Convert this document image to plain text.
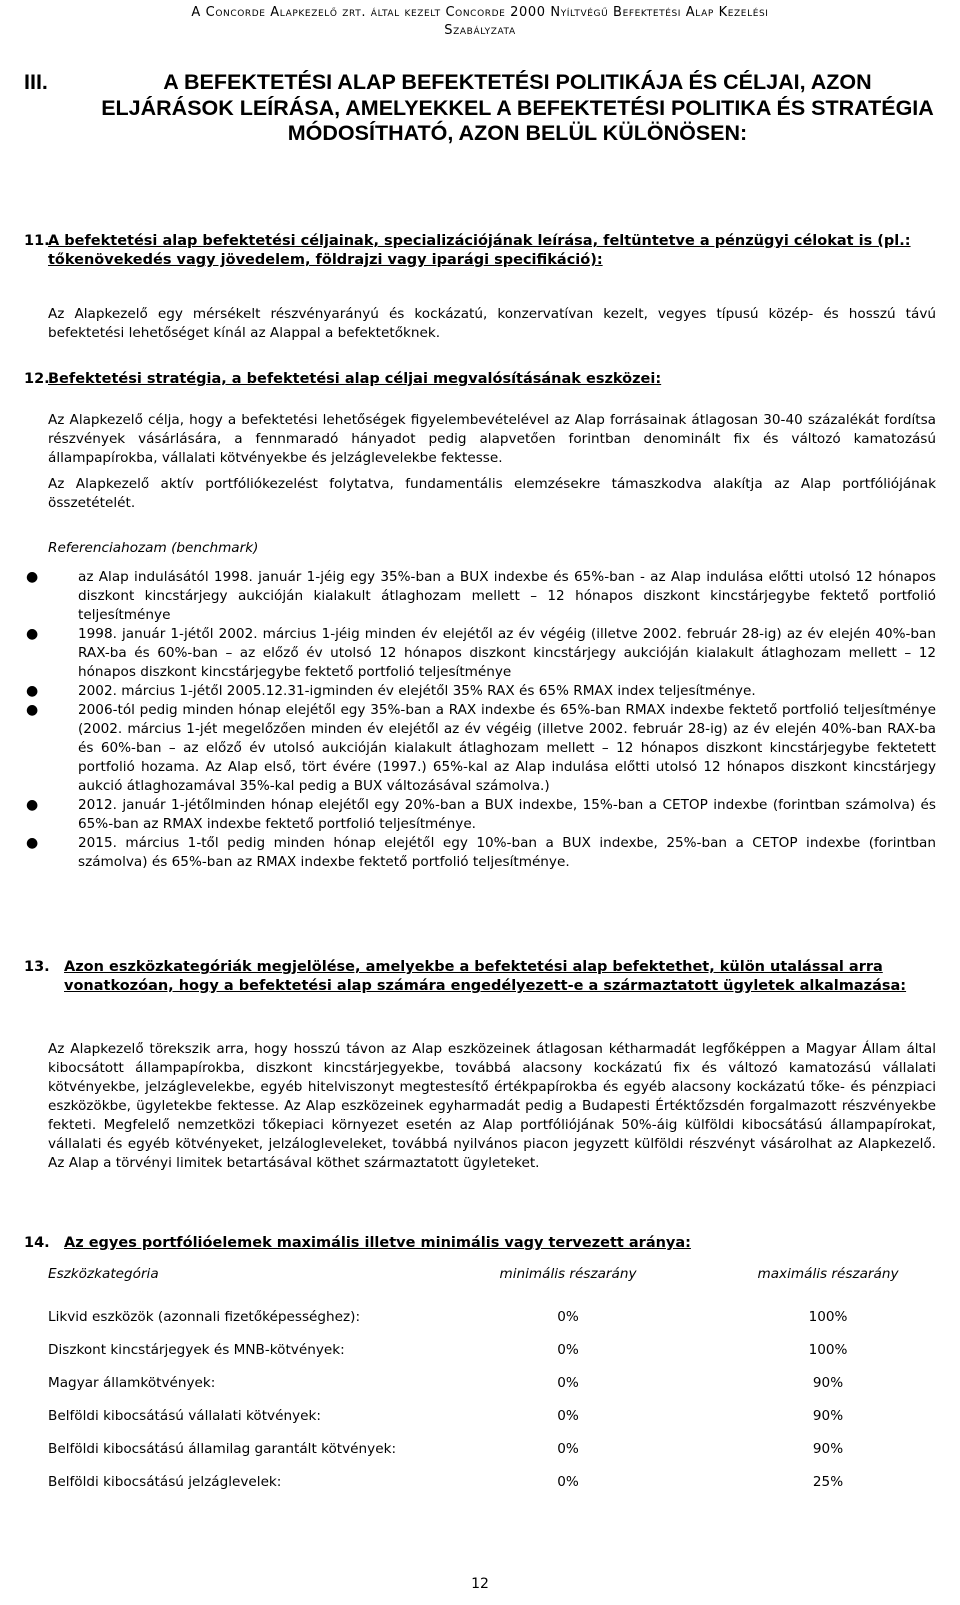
A Concorde Alapkezelő zrt. által kezelt Concorde 2000 Nyíltvégű Befektetési Alap Kezelési
Szabályzata
III.	A BEFEKTETÉSI ALAP BEFEKTETÉSI POLITIKÁJA ÉS CÉLJAI, AZON ELJÁRÁSOK LEÍRÁSA, AMELYEKKEL A BEFEKTETÉSI POLITIKA ÉS STRATÉGIA MÓDOSÍTHATÓ, AZON BELÜL KÜLÖNÖSEN:
11.
A befektetési alap befektetési céljainak, specializációjának leírása, feltüntetve a pénzügyi célokat is (pl.: tőkenövekedés vagy jövedelem, földrajzi vagy iparági specifikáció):
Az Alapkezelő egy mérsékelt részvényarányú és kockázatú, konzervatívan kezelt, vegyes típusú közép- és hosszú távú befektetési lehetőséget kínál az Alappal a befektetőknek.
12.
Befektetési stratégia, a befektetési alap céljai megvalósításának eszközei:
Az Alapkezelő célja, hogy a befektetési lehetőségek figyelembevételével az Alap forrásainak átlagosan 30-40 százalékát fordítsa részvények vásárlására, a fennmaradó hányadot pedig alapvetően forintban denominált fix és változó kamatozású állampapírokba, vállalati kötvényekbe és jelzáglevelekbe fektesse.
Az Alapkezelő aktív portfóliókezelést folytatva, fundamentális elemzésekre támaszkodva alakítja az Alap portfóliójának összetételét.
Referenciahozam (benchmark)
●	az Alap indulásától 1998. január 1-jéig egy 35%-ban a BUX indexbe és 65%-ban - az Alap indulása előtti utolsó 12 hónapos diszkont kincstárjegy aukcióján kialakult átlaghozam mellett – 12 hónapos diszkont kincstárjegybe fektető portfolió teljesítménye
●	1998. január 1-jétől 2002. március 1-jéig minden év elejétől az év végéig (illetve 2002. február 28-ig) az év elején 40%-ban RAX-ba és 60%-ban – az előző év utolsó 12 hónapos diszkont kincstárjegy aukcióján kialakult átlaghozam mellett – 12 hónapos diszkont kincstárjegybe fektető portfolió teljesítménye
●	2002. március 1-jétől 2005.12.31-igminden év elejétől 35% RAX és 65% RMAX index teljesítménye.
●	2006-tól pedig minden hónap elejétől egy 35%-ban a RAX indexbe és 65%-ban RMAX indexbe fektető portfolió teljesítménye (2002. március 1-jét megelőzően minden év elejétől az év végéig (illetve 2002. február 28-ig) az év elején 40%-ban RAX-ba és 60%-ban – az előző év utolsó aukcióján kialakult átlaghozam mellett – 12 hónapos diszkont kincstárjegybe fektetett portfolió hozama. Az Alap első, tört évére (1997.) 65%-kal az Alap indulása előtti utolsó 12 hónapos diszkont kincstárjegy aukció átlaghozamával 35%-kal pedig a BUX változásával számolva.)
●	2012. január 1-jétőlminden hónap elejétől egy 20%-ban a BUX indexbe, 15%-ban a CETOP indexbe (forintban számolva) és 65%-ban az RMAX indexbe fektető portfolió teljesítménye.
●	2015. március 1-től pedig minden hónap elejétől egy 10%-ban a BUX indexbe, 25%-ban a CETOP indexbe (forintban számolva) és 65%-ban az RMAX indexbe fektető portfolió teljesítménye.
13. Azon eszközkategóriák megjelölése, amelyekbe a befektetési alap befektethet, külön utalással arra vonatkozóan, hogy a befektetési alap számára engedélyezett-e a származtatott ügyletek alkalmazása:
Az Alapkezelő törekszik arra, hogy hosszú távon az Alap eszközeinek átlagosan kétharmadát legfőképpen a Magyar Állam által kibocsátott állampapírokba, diszkont kincstárjegyekbe, továbbá alacsony kockázatú fix és változó kamatozású vállalati kötvényekbe, jelzáglevelekbe, egyéb hitelviszonyt megtestesítő értékpapírokba és egyéb alacsony kockázatú tőke- és pénzpiaci eszközökbe, ügyletekbe fektesse. Az Alap eszközeinek egyharmadát pedig a Budapesti Értéktőzsdén forgalmazott részvényekbe fekteti. Megfelelő nemzetközi tőkepiaci környezet esetén az Alap portfóliójának 50%-áig külföldi kibocsátású állampapírokat, vállalati és egyéb kötvényeket, jelzálogleveleket, továbbá nyilvános piacon jegyzett külföldi részvényt vásárolhat az Alapkezelő. Az Alap a törvényi limitek betartásával köthet származtatott ügyleteket.
14. Az egyes portfólióelemek maximális illetve minimális vagy tervezett aránya:
Eszközkategória	minimális részarány	maximális részarány
Likvid eszközök (azonnali fizetőképességhez):	0%	100%
Diszkont kincstárjegyek és MNB-kötvények:	0%	100%
Magyar államkötvények:	0%	90%
Belföldi kibocsátású vállalati kötvények:	0%	90%
Belföldi kibocsátású államilag garantált kötvények:	0%	90%
Belföldi kibocsátású jelzáglevelek:	0%	25%
12
